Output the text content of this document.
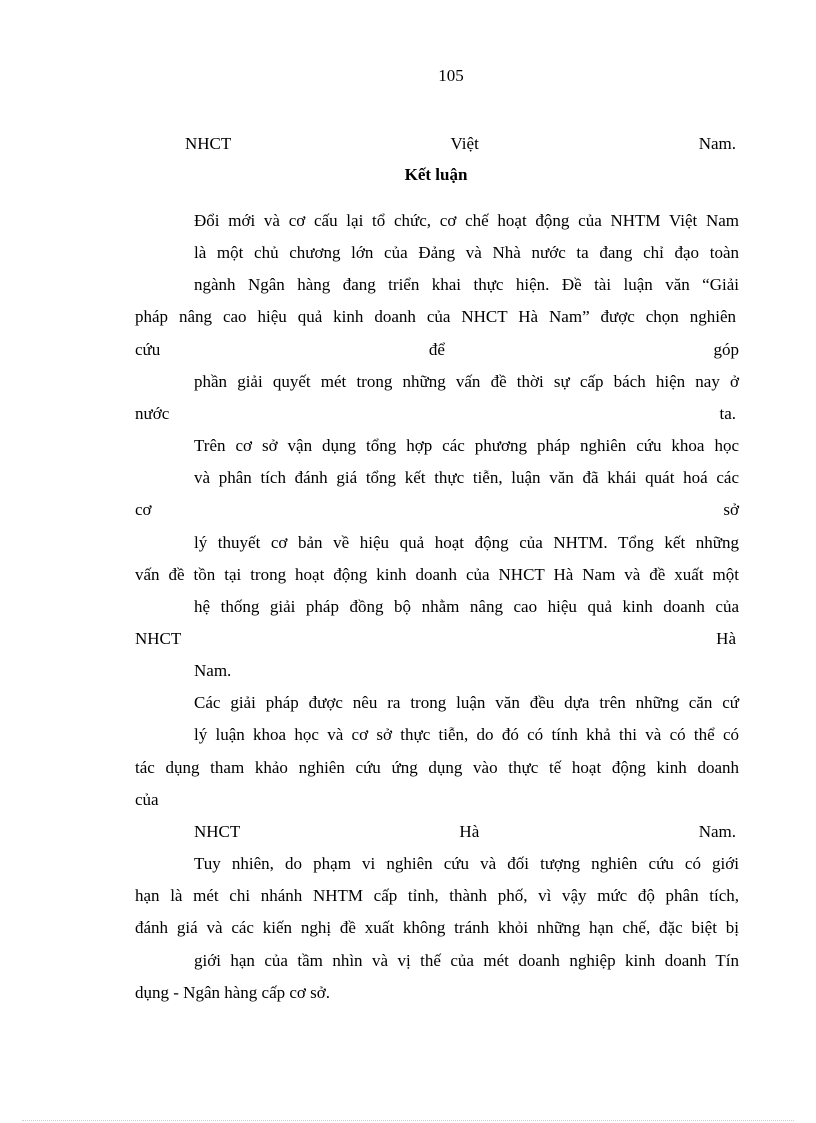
105
NHCT Việt Nam.
Kết luận
Đổi mới và cơ cấu lại tổ chức, cơ chế hoạt động của NHTM Việt Nam
là một chủ chương lớn của Đảng và Nhà nước ta đang chỉ đạo toàn
ngành Ngân hàng đang triển khai thực hiện. Đề tài luận văn “Giải
pháp nâng cao hiệu quả kinh doanh của NHCT Hà Nam” được chọn nghiên
cứu để góp
phần giải quyết mét trong những vấn đề thời sự cấp bách hiện nay ở
nước ta.
Trên cơ sở vận dụng tổng hợp các phương pháp nghiên cứu khoa học
và phân tích đánh giá tổng kết thực tiễn, luận văn đã khái quát hoá các
cơ sở
lý thuyết cơ bản về hiệu quả hoạt động của NHTM. Tổng kết những
vấn đề tồn tại trong hoạt động kinh doanh của NHCT Hà Nam và đề xuất một
hệ thống giải pháp đồng bộ nhằm nâng cao hiệu quả kinh doanh của
NHCT Hà
Nam.
Các giải pháp được nêu ra trong luận văn đều dựa trên những căn cứ
lý luận khoa học và cơ sở thực tiễn, do đó có tính khả thi và có thể có
tác dụng tham khảo nghiên cứu ứng dụng vào thực tế hoạt động kinh doanh
của
NHCT Hà Nam.
Tuy nhiên, do phạm vi nghiên cứu và đối tượng nghiên cứu có giới
hạn là mét chi nhánh NHTM cấp tỉnh, thành phố, vì vậy mức độ phân tích,
đánh giá và các kiến nghị đề xuất không tránh khỏi những hạn chế, đặc biệt bị
giới hạn của tầm nhìn và vị thế của mét doanh nghiệp kinh doanh Tín
dụng - Ngân hàng cấp cơ sở.
